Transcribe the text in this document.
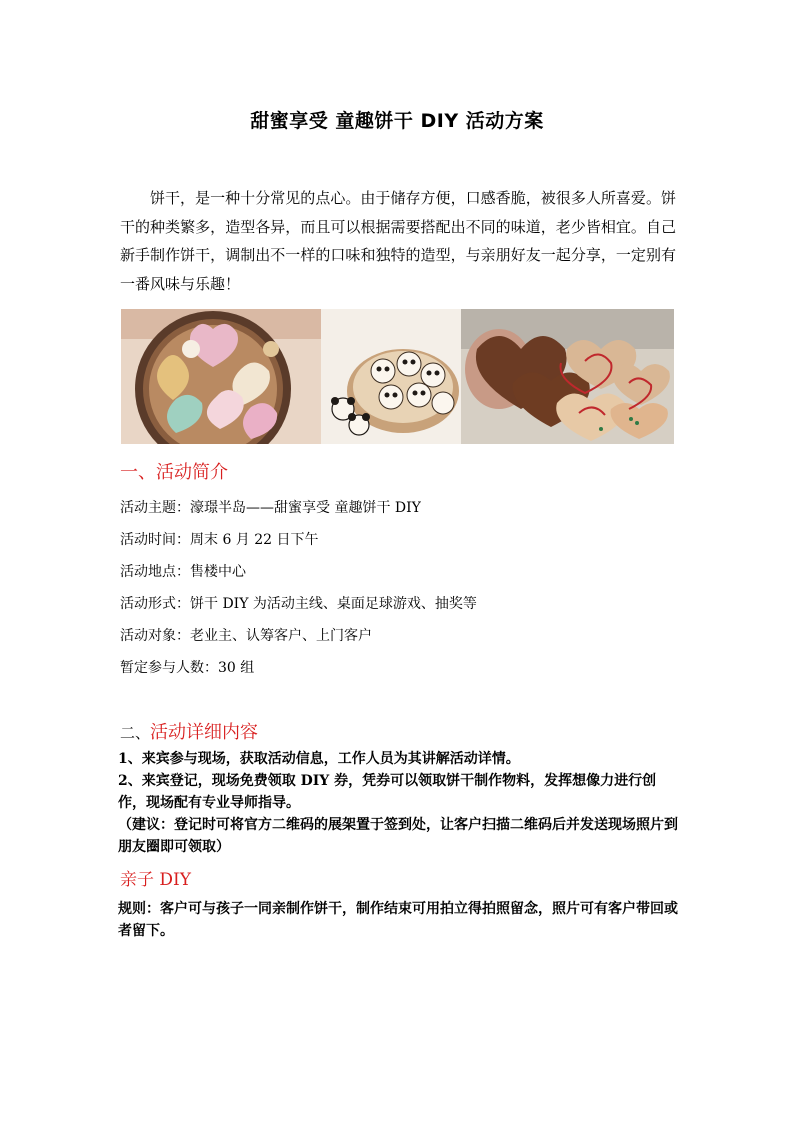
甜蜜享受 童趣饼干 DIY 活动方案
饼干，是一种十分常见的点心。由于储存方便，口感香脆，被很多人所喜爱。饼干的种类繁多，造型各异，而且可以根据需要搭配出不同的味道，老少皆相宜。自己新手制作饼干，调制出不一样的口味和独特的造型，与亲朋好友一起分享，一定别有一番风味与乐趣！
一、活动简介
活动主题：濠璟半岛——甜蜜享受 童趣饼干 DIY
活动时间：周末 6 月 22 日下午
活动地点：售楼中心
活动形式：饼干 DIY 为活动主线、桌面足球游戏、抽奖等
活动对象：老业主、认筹客户、上门客户
暂定参与人数：30 组
二、活动详细内容

1、来宾参与现场，获取活动信息，工作人员为其讲解活动详情。

2、来宾登记，现场免费领取 DIY 券，凭券可以领取饼干制作物料，发挥想像力进行创作，现场配有专业导师指导。

（建议：登记时可将官方二维码的展架置于签到处，让客户扫描二维码后并发送现场照片到朋友圈即可领取）

亲子 DIY
规则：客户可与孩子一同亲制作饼干，制作结束可用拍立得拍照留念，照片可有客户带回或者留下。
